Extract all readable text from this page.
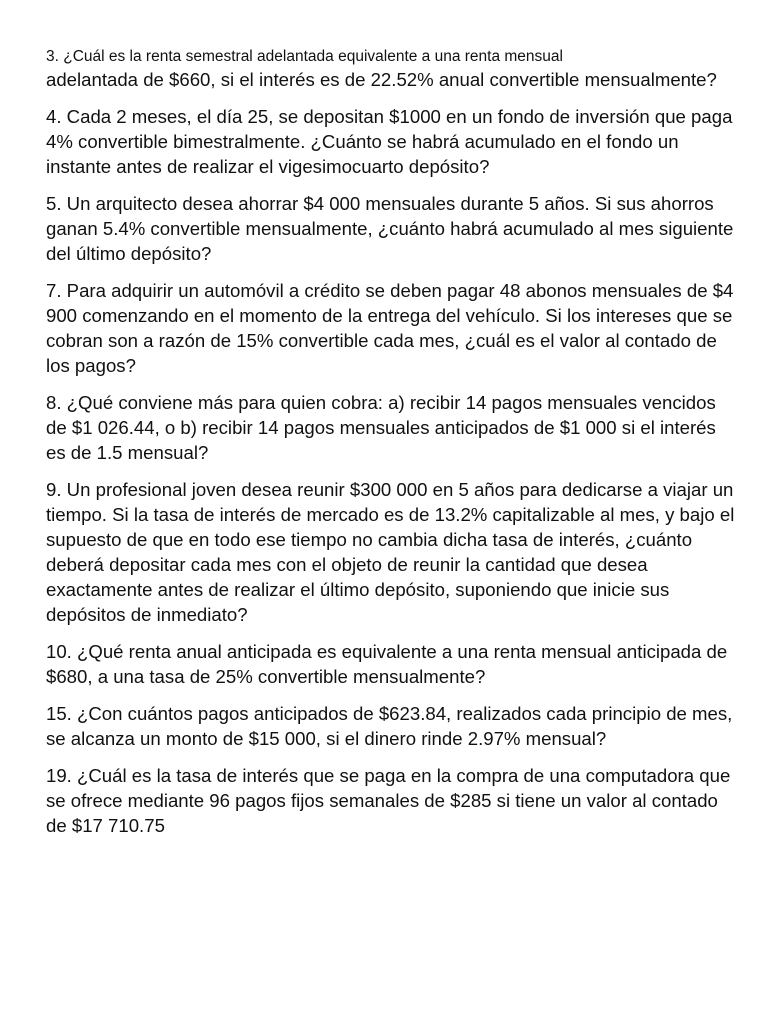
3. ¿Cuál es la renta semestral adelantada equivalente a una renta mensual
adelantada de $660, si el interés es de 22.52% anual convertible mensualmente?

4. Cada 2 meses, el día 25, se depositan $1000 en un fondo de inversión que paga 4% convertible bimestralmente. ¿Cuánto se habrá acumulado en el fondo un instante antes de realizar el vigesimocuarto depósito?

5. Un arquitecto desea ahorrar $4 000 mensuales durante 5 años. Si sus ahorros ganan 5.4% convertible mensualmente, ¿cuánto habrá acumulado al mes siguiente del último depósito?

7. Para adquirir un automóvil a crédito se deben pagar 48 abonos mensuales de $4 900 comenzando en el momento de la entrega del vehículo. Si los intereses que se cobran son a razón de 15% convertible cada mes, ¿cuál es el valor al contado de los pagos?

8. ¿Qué conviene más para quien cobra: a) recibir 14 pagos mensuales vencidos de $1 026.44, o b) recibir 14 pagos mensuales anticipados de $1 000 si el interés es de 1.5 mensual?

9. Un profesional joven desea reunir $300 000 en 5 años para dedicarse a viajar un tiempo. Si la tasa de interés de mercado es de 13.2% capitalizable al mes, y bajo el supuesto de que en todo ese tiempo no cambia dicha tasa de interés, ¿cuánto deberá depositar cada mes con el objeto de reunir la cantidad que desea exactamente antes de realizar el último depósito, suponiendo que inicie sus depósitos de inmediato?

10. ¿Qué renta anual anticipada es equivalente a una renta mensual anticipada de $680, a una tasa de 25% convertible mensualmente?

15. ¿Con cuántos pagos anticipados de $623.84, realizados cada principio de mes, se alcanza un monto de $15 000, si el dinero rinde 2.97% mensual?

19. ¿Cuál es la tasa de interés que se paga en la compra de una computadora que se ofrece mediante 96 pagos fijos semanales de $285 si tiene un valor al contado de $17 710.75
